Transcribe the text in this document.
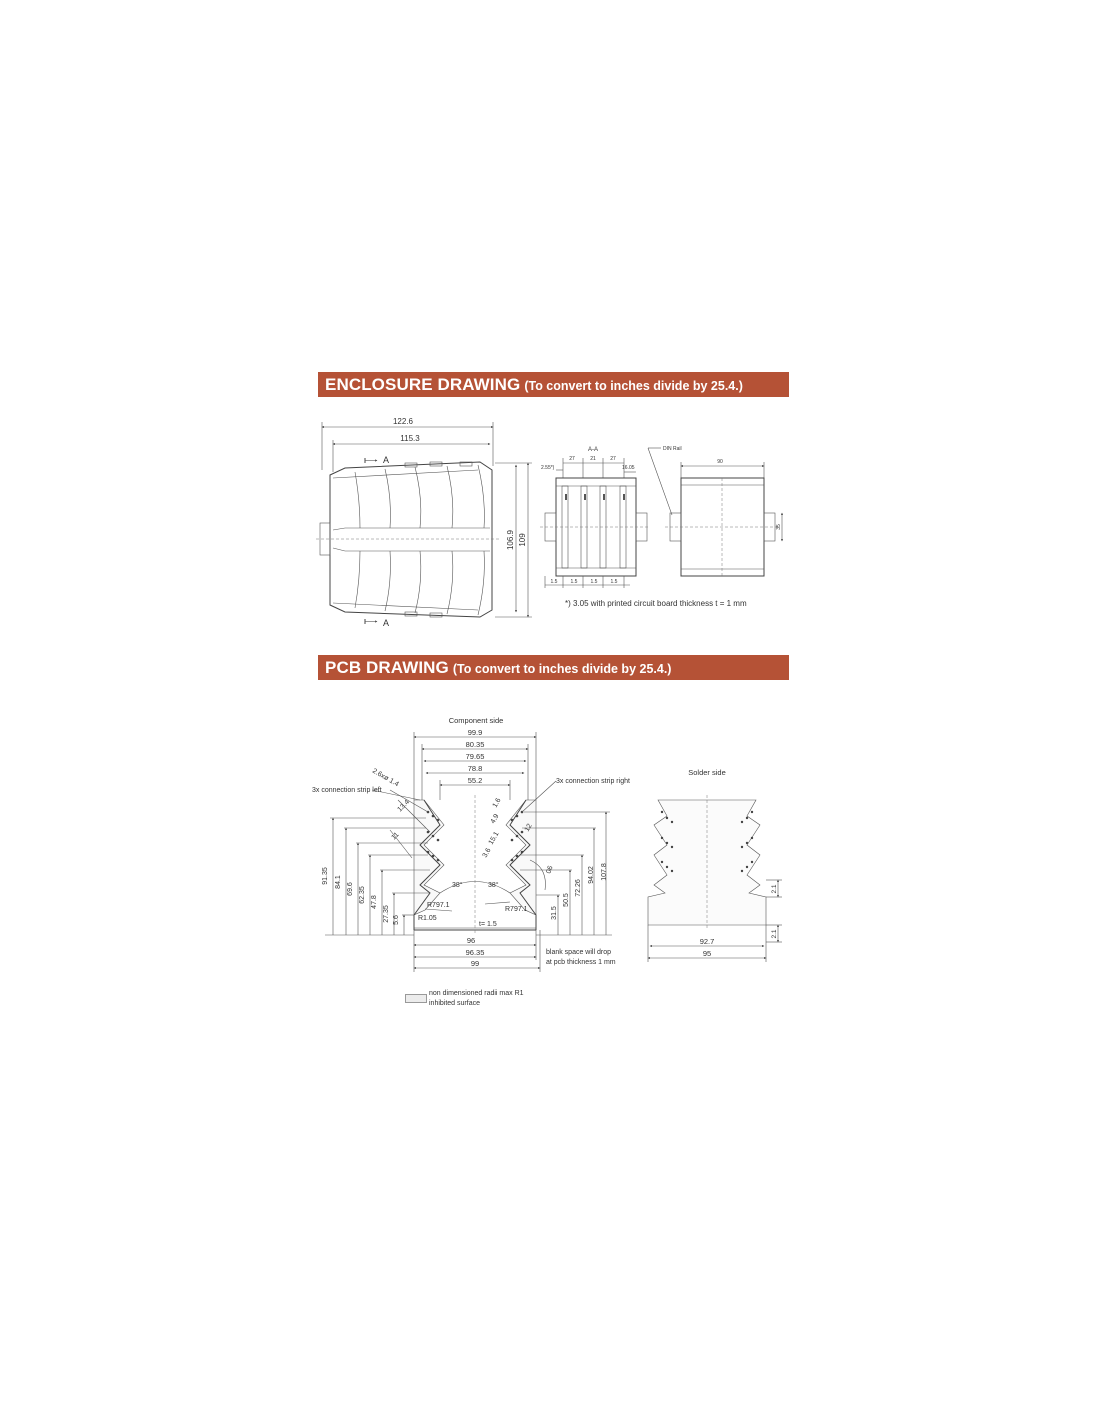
ENCLOSURE DRAWING (To convert to inches divide by 25.4.)
PCB DRAWING (To convert to inches divide by 25.4.)
122.6
115.3
A
106.9 109
A
A-A
27	21	27
2.55*)	16.05
1.5	1.5	1.5	1.5
DIN Rail
90
35
*) 3.05 with printed circuit board thickness t = 1 mm
Component side
99.9
80.35
79.65
78.8
55.2
2.6xø 1.4
3x connection strip left
3x connection strip right
13.4
11
1.6
4.9
15.1
3.6
12
91.35 84.1
69.6 62.35 47.8
27.35 5.6
107.8
94.02
72.26
50.5
31.5
06
38°	38°
R797.1
R797.1
R1.05
t= 1.5
96
96.35
99
blank space will drop
at pcb thickness 1 mm
Solder side
2.1
2.1
92.7
95
non dimensioned radii max R1
inhibited surface
